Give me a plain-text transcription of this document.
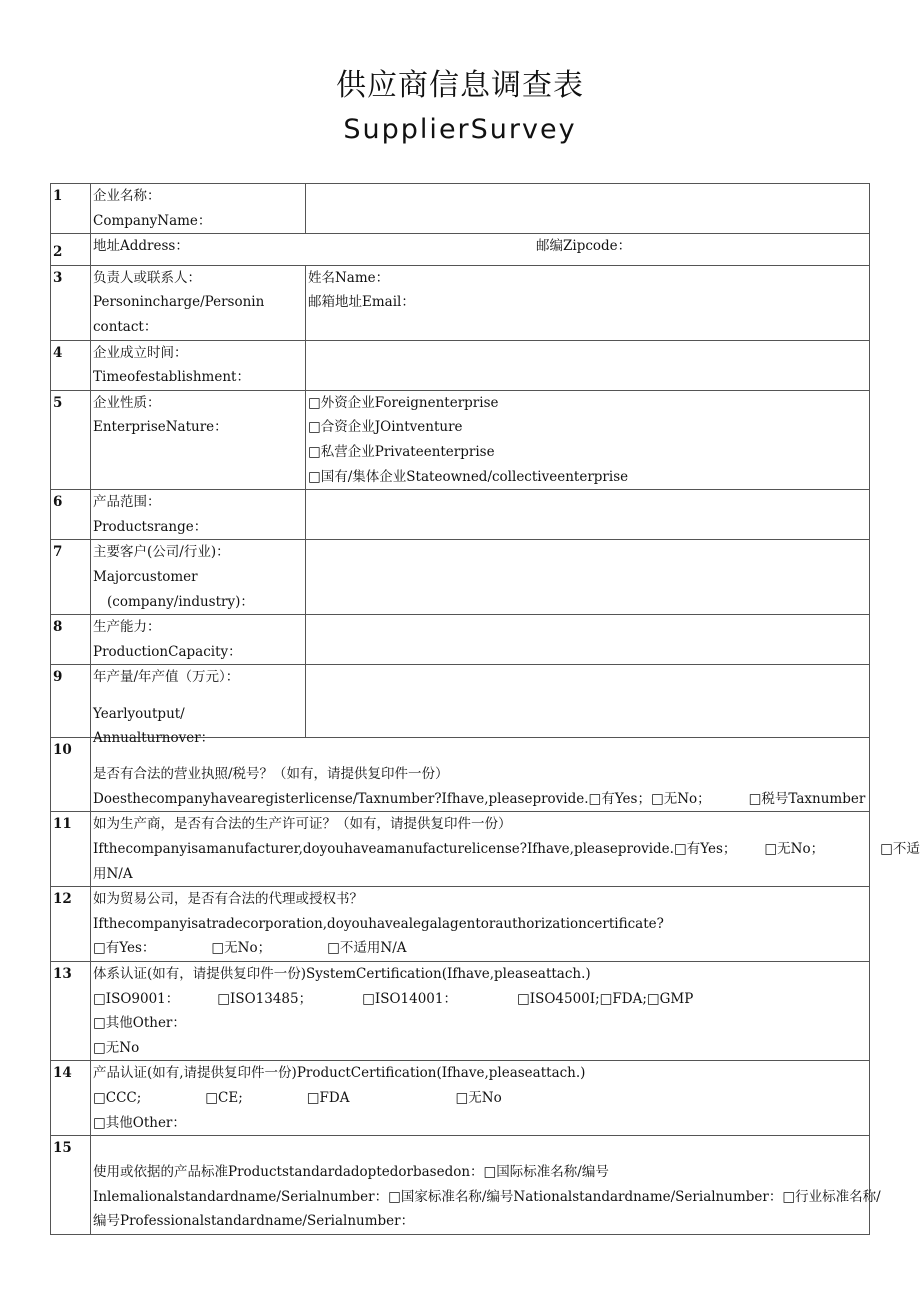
供应商信息调查表
SupplierSurvey
1	企业名称：
CompanyName：	

2	地址Address： 邮编Zipcode：	

3	负责人或联系人：
Personincharge/Personin
contact：	姓名Name：
邮箱地址Email：

4	企业成立时间：
Timeofestablishment：	

5	企业性质：
EnterpriseNature：	□外资企业Foreignenterprise
□合资企业JOintventure
□私营企业Privateenterprise
□国有/集体企业Stateowned/collectiveenterprise

6	产品范围：
Productsrange：	

7	主要客户(公司/行业)：
Majorcustomer
(company/industry)：	

8	生产能力：
ProductionCapacity：	

9	年产量/年产值（万元）：
Yearlyoutput/
Annualturnover：	

10	是否有合法的营业执照/税号？（如有，请提供复印件一份）
Doesthecompanyhavearegisterlicense/Taxnumber?Ifhave,pleaseprovide.□有Yes；□无No； □税号Taxnumber	

11	如为生产商，是否有合法的生产许可证？（如有，请提供复印件一份）
Ifthecompanyisamanufacturer,doyouhaveamanufacturelicense?Ifhave,pleaseprovide.□有Yes； □无No； □不适
用N/A	

12	如为贸易公司，是否有合法的代理或授权书？
Ifthecompanyisatradecorporation,doyouhavealegalagentorauthorizationcertificate?
□有Yes： □无No； □不适用N/A	

13	体系认证(如有，请提供复印件一份)SystemCertification(Ifhave,pleaseattach.)
□ISO9001： □ISO13485； □ISO14001： □ISO4500I;□FDA;□GMP
□其他Other：
□无No	

14	产品认证(如有,请提供复印件一份)ProductCertification(Ifhave,pleaseattach.)
□CCC; □CE; □FDA □无No
□其他Other：	

15	使用或依据的产品标准Productstandardadoptedorbasedon：□国际标准名称/编号
Inlemalionalstandardname/Serialnumber：□国家标准名称/编号Nationalstandardname/Serialnumber：□行业标准名称/
编号Professionalstandardname/Serialnumber：	
